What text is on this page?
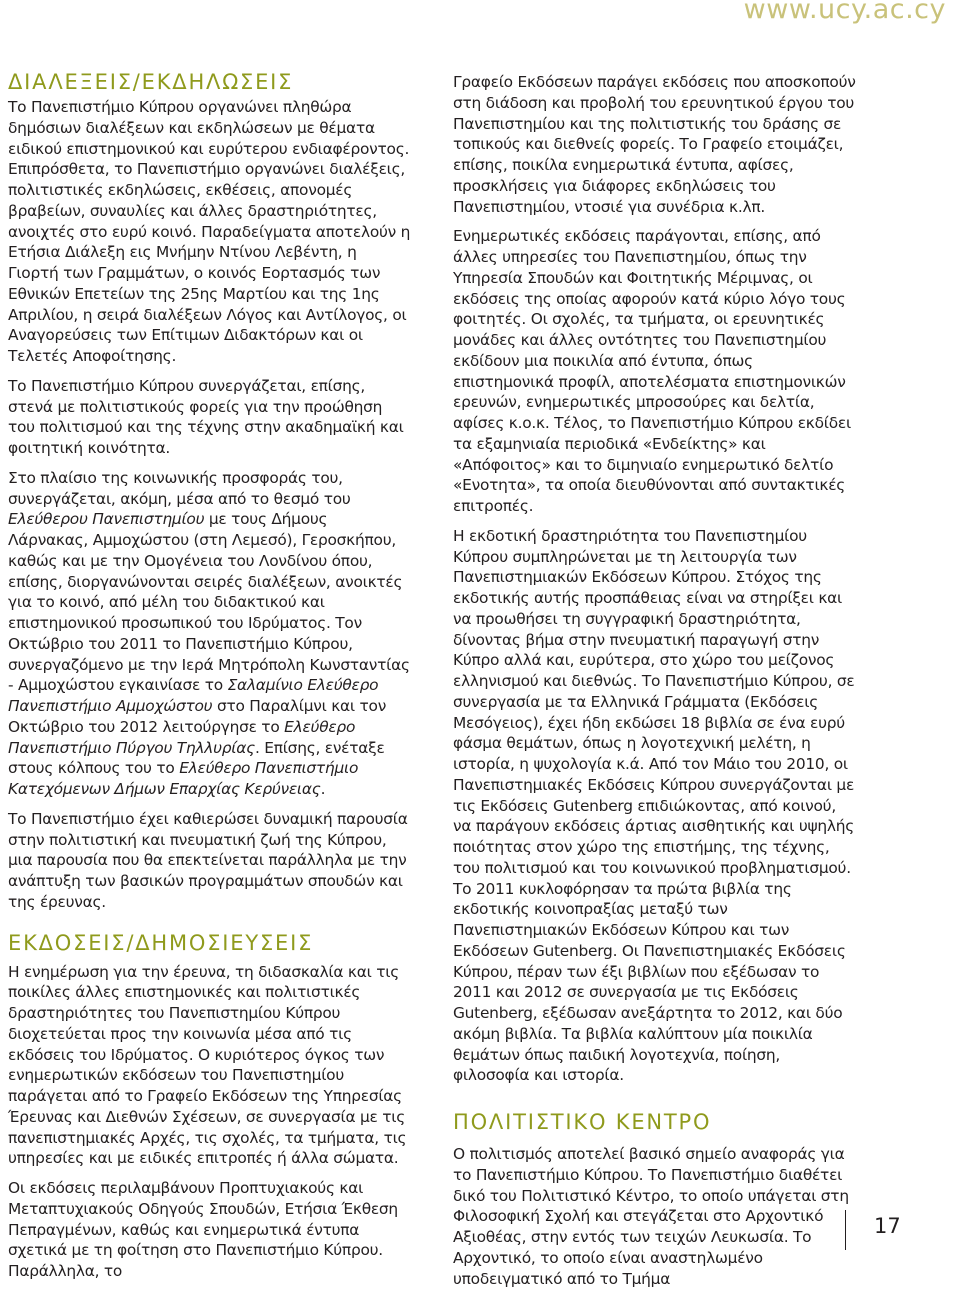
www.ucy.ac.cy
ΔΙΑΛΕΞΕΙΣ/ΕΚΔΗΛΩΣΕΙΣ

Το Πανεπιστήμιο Κύπρου οργανώνει πληθώρα δημόσιων διαλέξεων και εκδηλώσεων με θέματα ειδικού επιστημονικού και ευρύτερου ενδιαφέροντος. Επιπρόσθετα, το Πανεπιστήμιο οργανώνει διαλέξεις, πολιτιστικές εκδηλώσεις, εκθέσεις, απονομές βραβείων, συναυλίες και άλλες δραστηριότητες, ανοιχτές στο ευρύ κοινό. Παραδείγματα αποτελούν η Ετήσια Διάλεξη εις Μνήμην Ντίνου Λεβέντη, η Γιορτή των Γραμμάτων, ο κοινός Εορτασμός των Εθνικών Επετείων της 25ης Μαρτίου και της 1ης Απριλίου, η σειρά διαλέξεων Λόγος και Αντίλογος, οι Αναγορεύσεις των Επίτιμων Διδακτόρων και οι Τελετές Αποφοίτησης.

Το Πανεπιστήμιο Κύπρου συνεργάζεται, επίσης, στενά με πολιτιστικούς φορείς για την προώθηση του πολιτισμού και της τέχνης στην ακαδημαϊκή και φοιτητική κοινότητα.

Στο πλαίσιο της κοινωνικής προσφοράς του, συνεργάζεται, ακόμη, μέσα από το θεσμό του Ελεύθερου Πανεπιστημίου με τους Δήμους Λάρνακας, Αμμοχώστου (στη Λεμεσό), Γεροσκήπου, καθώς και με την Ομογένεια του Λονδίνου όπου, επίσης, διοργανώνονται σειρές διαλέξεων, ανοικτές για το κοινό, από μέλη του διδακτικού και επιστημονικού προσωπικού του Ιδρύματος. Τον Οκτώβριο του 2011 το Πανεπιστήμιο Κύπρου, συνεργαζόμενο με την Ιερά Μητρόπολη Κωνσταντίας - Αμμοχώστου εγκαινίασε το Σαλαμίνιο Ελεύθερο Πανεπιστήμιο Αμμοχώστου στο Παραλίμνι και τον Οκτώβριο του 2012 λειτούργησε το Ελεύθερο Πανεπιστήμιο Πύργου Τηλλυρίας. Επίσης, ενέταξε στους κόλπους του το Ελεύθερο Πανεπιστήμιο Κατεχόμενων Δήμων Επαρχίας Κερύνειας.

Το Πανεπιστήμιο έχει καθιερώσει δυναμική παρουσία στην πολιτιστική και πνευματική ζωή της Κύπρου, μια παρουσία που θα επεκτείνεται παράλληλα με την ανάπτυξη των βασικών προγραμμάτων σπουδών και της έρευνας.

ΕΚΔΟΣΕΙΣ/ΔΗΜΟΣΙΕΥΣΕΙΣ

Η ενημέρωση για την έρευνα, τη διδασκαλία και τις ποικίλες άλλες επιστημονικές και πολιτιστικές δραστηριότητες του Πανεπιστημίου Κύπρου διοχετεύεται προς την κοινωνία μέσα από τις εκδόσεις του Ιδρύματος. Ο κυριότερος όγκος των ενημερωτικών εκδόσεων του Πανεπιστημίου παράγεται από το Γραφείο Εκδόσεων της Υπηρεσίας Έρευνας και Διεθνών Σχέσεων, σε συνεργασία με τις πανεπιστημιακές Αρχές, τις σχολές, τα τμήματα, τις υπηρεσίες και με ειδικές επιτροπές ή άλλα σώματα.

Οι εκδόσεις περιλαμβάνουν Προπτυχιακούς και Μεταπτυχιακούς Οδηγούς Σπουδών, Ετήσια Έκθεση Πεπραγμένων, καθώς και ενημερωτικά έντυπα σχετικά με τη φοίτηση στο Πανεπιστήμιο Κύπρου. Παράλληλα, το

Γραφείο Εκδόσεων παράγει εκδόσεις που αποσκοπούν στη διάδοση και προβολή του ερευνητικού έργου του Πανεπιστημίου και της πολιτιστικής του δράσης σε τοπικούς και διεθνείς φορείς. Το Γραφείο ετοιμάζει, επίσης, ποικίλα ενημερωτικά έντυπα, αφίσες, προσκλήσεις για διάφορες εκδηλώσεις του Πανεπιστημίου, ντοσιέ για συνέδρια κ.λπ.

Ενημερωτικές εκδόσεις παράγονται, επίσης, από άλλες υπηρεσίες του Πανεπιστημίου, όπως την Υπηρεσία Σπουδών και Φοιτητικής Μέριμνας, οι εκδόσεις της οποίας αφορούν κατά κύριο λόγο τους φοιτητές. Οι σχολές, τα τμήματα, οι ερευνητικές μονάδες και άλλες οντότητες του Πανεπιστημίου εκδίδουν μια ποικιλία από έντυπα, όπως επιστημονικά προφίλ, αποτελέσματα επιστημονικών ερευνών, ενημερωτικές μπροσούρες και δελτία, αφίσες κ.ο.κ. Τέλος, το Πανεπιστήμιο Κύπρου εκδίδει τα εξαμηνιαία περιοδικά «Ενδείκτης» και «Απόφοιτος» και το διμηνιαίο ενημερωτικό δελτίο «Ενοτητα», τα οποία διευθύνονται από συντακτικές επιτροπές.

Η εκδοτική δραστηριότητα του Πανεπιστημίου Κύπρου συμπληρώνεται με τη λειτουργία των Πανεπιστημιακών Εκδόσεων Κύπρου. Στόχος της εκδοτικής αυτής προσπάθειας είναι να στηρίξει και να προωθήσει τη συγγραφική δραστηριότητα, δίνοντας βήμα στην πνευματική παραγωγή στην Κύπρο αλλά και, ευρύτερα, στο χώρο του μείζονος ελληνισμού και διεθνώς. Το Πανεπιστήμιο Κύπρου, σε συνεργασία με τα Ελληνικά Γράμματα (Εκδόσεις Μεσόγειος), έχει ήδη εκδώσει 18 βιβλία σε ένα ευρύ φάσμα θεμάτων, όπως η λογοτεχνική μελέτη, η ιστορία, η ψυχολογία κ.ά. Από τον Μάιο του 2010, οι Πανεπιστημιακές Εκδόσεις Κύπρου συνεργάζονται με τις Εκδόσεις Gutenberg επιδιώκοντας, από κοινού, να παράγουν εκδόσεις άρτιας αισθητικής και υψηλής ποιότητας στον χώρο της επιστήμης, της τέχνης, του πολιτισμού και του κοινωνικού προβληματισμού. Το 2011 κυκλοφόρησαν τα πρώτα βιβλία της εκδοτικής κοινοπραξίας μεταξύ των Πανεπιστημιακών Εκδόσεων Κύπρου και των Εκδόσεων Gutenberg. Οι Πανεπιστημιακές Εκδόσεις Κύπρου, πέραν των έξι βιβλίων που εξέδωσαν το 2011 και 2012 σε συνεργασία με τις Εκδόσεις Gutenberg, εξέδωσαν ανεξάρτητα το 2012, και δύο ακόμη βιβλία. Τα βιβλία καλύπτουν μία ποικιλία θεμάτων όπως παιδική λογοτεχνία, ποίηση, φιλοσοφία και ιστορία.

ΠΟΛΙΤΙΣΤΙΚΟ ΚΕΝΤΡΟ

Ο πολιτισμός αποτελεί βασικό σημείο αναφοράς για το Πανεπιστήμιο Κύπρου. Το Πανεπιστήμιο διαθέτει δικό του Πολιτιστικό Κέντρο, το οποίο υπάγεται στη Φιλοσοφική Σχολή και στεγάζεται στο Αρχοντικό Αξιοθέας, στην εντός των τειχών Λευκωσία. Το Αρχοντικό, το οποίο είναι αναστηλωμένο υποδειγματικό από το Τμήμα

17
